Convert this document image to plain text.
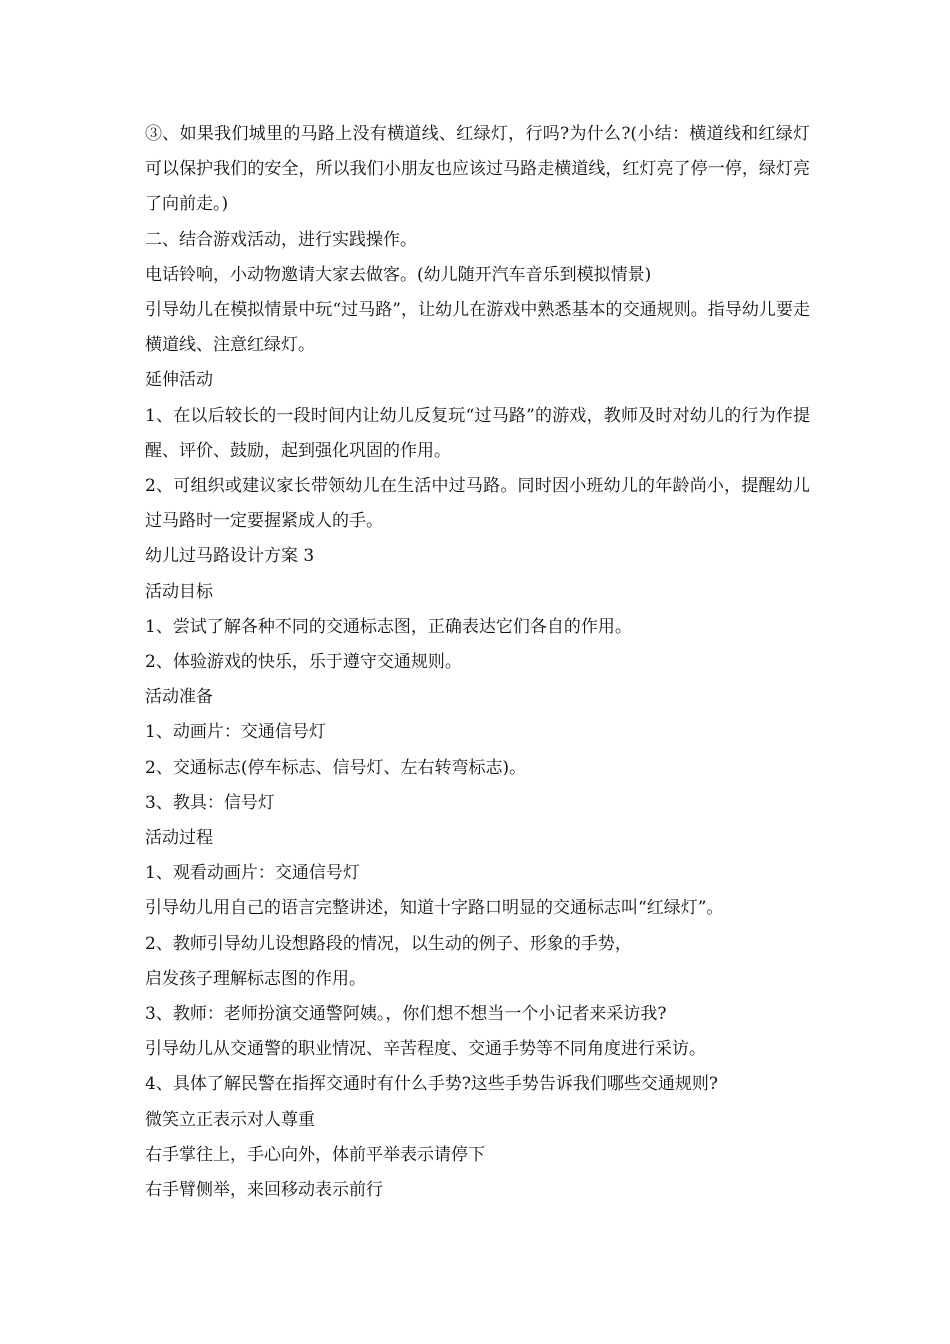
③、如果我们城里的马路上没有横道线、红绿灯，行吗?为什么?(小结：横道线和红绿灯可以保护我们的安全，所以我们小朋友也应该过马路走横道线，红灯亮了停一停，绿灯亮了向前走。)

二、结合游戏活动，进行实践操作。

电话铃响，小动物邀请大家去做客。(幼儿随开汽车音乐到模拟情景)

引导幼儿在模拟情景中玩“过马路”，让幼儿在游戏中熟悉基本的交通规则。指导幼儿要走横道线、注意红绿灯。

延伸活动

1、在以后较长的一段时间内让幼儿反复玩“过马路”的游戏，教师及时对幼儿的行为作提醒、评价、鼓励，起到强化巩固的作用。

2、可组织或建议家长带领幼儿在生活中过马路。同时因小班幼儿的年龄尚小，提醒幼儿过马路时一定要握紧成人的手。

幼儿过马路设计方案 3

活动目标

1、尝试了解各种不同的交通标志图，正确表达它们各自的作用。

2、体验游戏的快乐，乐于遵守交通规则。

活动准备

1、动画片：交通信号灯

2、交通标志(停车标志、信号灯、左右转弯标志)。

3、教具：信号灯

活动过程

1、观看动画片：交通信号灯

引导幼儿用自己的语言完整讲述，知道十字路口明显的交通标志叫“红绿灯”。

2、教师引导幼儿设想路段的情况，以生动的例子、形象的手势，

启发孩子理解标志图的作用。

3、教师：老师扮演交通警阿姨。，你们想不想当一个小记者来采访我?

引导幼儿从交通警的职业情况、辛苦程度、交通手势等不同角度进行采访。

4、具体了解民警在指挥交通时有什么手势?这些手势告诉我们哪些交通规则?

微笑立正表示对人尊重

右手掌往上，手心向外，体前平举表示请停下

右手臂侧举，来回移动表示前行
